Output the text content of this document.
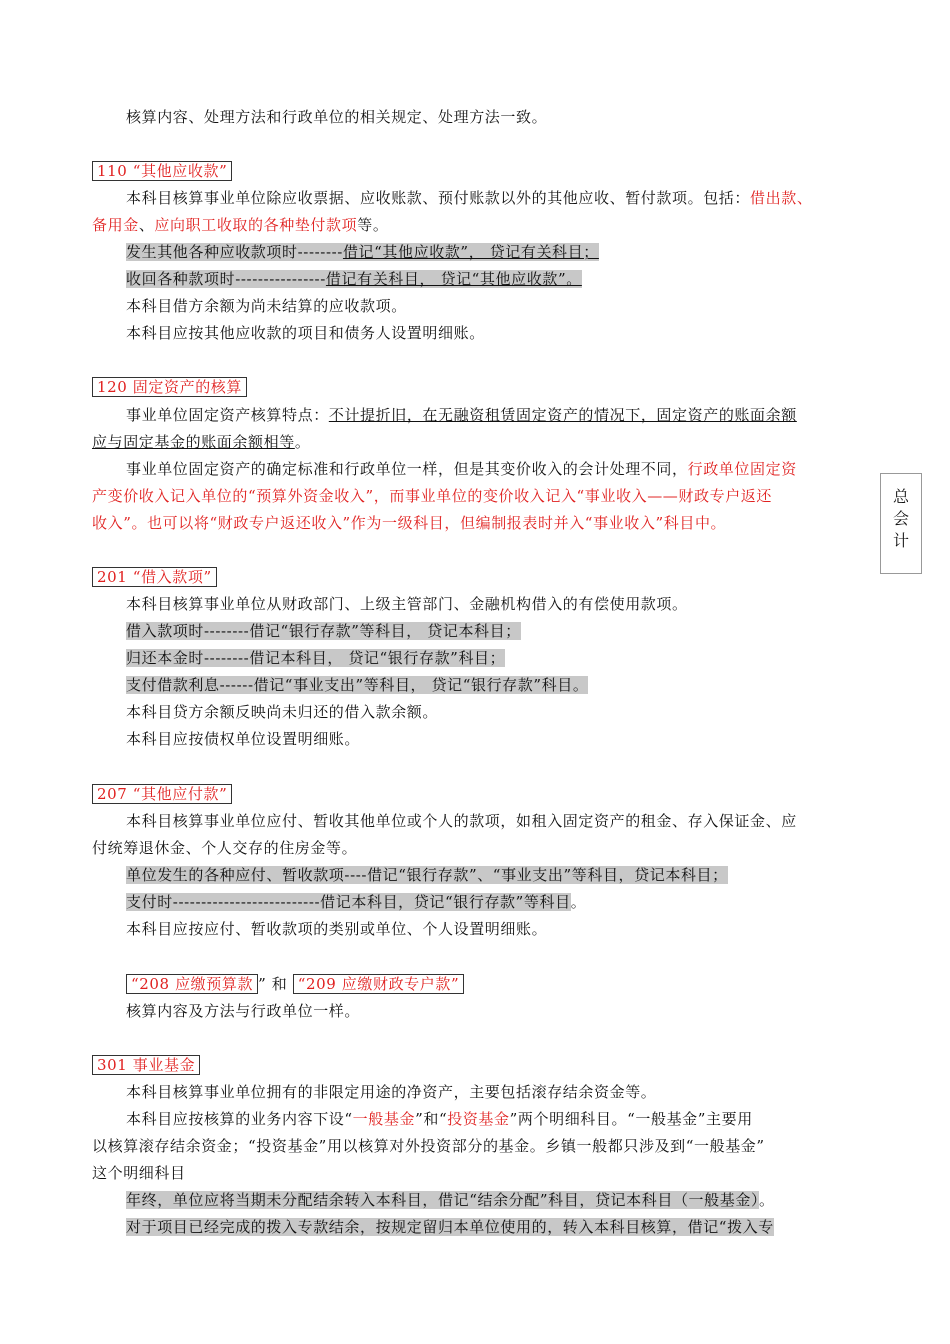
核算内容、处理方法和行政单位的相关规定、处理方法一致。
110 “其他应收款”
本科目核算事业单位除应收票据、应收账款、预付账款以外的其他应收、暂付款项。包括：借出款、
备用金、应向职工收取的各种垫付款项等。
发生其他各种应收款项时--------借记“其他应收款”， 贷记有关科目；
收回各种款项时----------------借记有关科目， 贷记“其他应收款”。
本科目借方余额为尚未结算的应收款项。
本科目应按其他应收款的项目和债务人设置明细账。
120 固定资产的核算
事业单位固定资产核算特点：不计提折旧，在无融资租赁固定资产的情况下，固定资产的账面余额
应与固定基金的账面余额相等。
事业单位固定资产的确定标准和行政单位一样，但是其变价收入的会计处理不同，行政单位固定资
产变价收入记入单位的“预算外资金收入”，而事业单位的变价收入记入“事业收入——财政专户返还
收入”。也可以将“财政专户返还收入”作为一级科目，但编制报表时并入“事业收入”科目中。
201 “借入款项”
本科目核算事业单位从财政部门、上级主管部门、金融机构借入的有偿使用款项。
借入款项时--------借记“银行存款”等科目， 贷记本科目；
归还本金时--------借记本科目， 贷记“银行存款”科目；
支付借款利息------借记“事业支出”等科目， 贷记“银行存款”科目。
本科目贷方余额反映尚未归还的借入款余额。
本科目应按债权单位设置明细账。
207 “其他应付款”
本科目核算事业单位应付、暂收其他单位或个人的款项，如租入固定资产的租金、存入保证金、应
付统筹退休金、个人交存的住房金等。
单位发生的各种应付、暂收款项----借记“银行存款”、“事业支出”等科目，贷记本科目；
支付时--------------------------借记本科目，贷记“银行存款”等科目。
本科目应按应付、暂收款项的类别或单位、个人设置明细账。
“208 应缴预算款 ” 和 “209 应缴财政专户款”
核算内容及方法与行政单位一样。
301 事业基金
本科目核算事业单位拥有的非限定用途的净资产，主要包括滚存结余资金等。
本科目应按核算的业务内容下设“一般基金”和“投资基金”两个明细科目。“一般基金”主要用
以核算滚存结余资金；“投资基金”用以核算对外投资部分的基金。乡镇一般都只涉及到“一般基金”
这个明细科目
年终，单位应将当期未分配结余转入本科目，借记“结余分配”科目，贷记本科目（一般基金）。
对于项目已经完成的拨入专款结余，按规定留归本单位使用的，转入本科目核算，借记“拨入专
总
会
计
